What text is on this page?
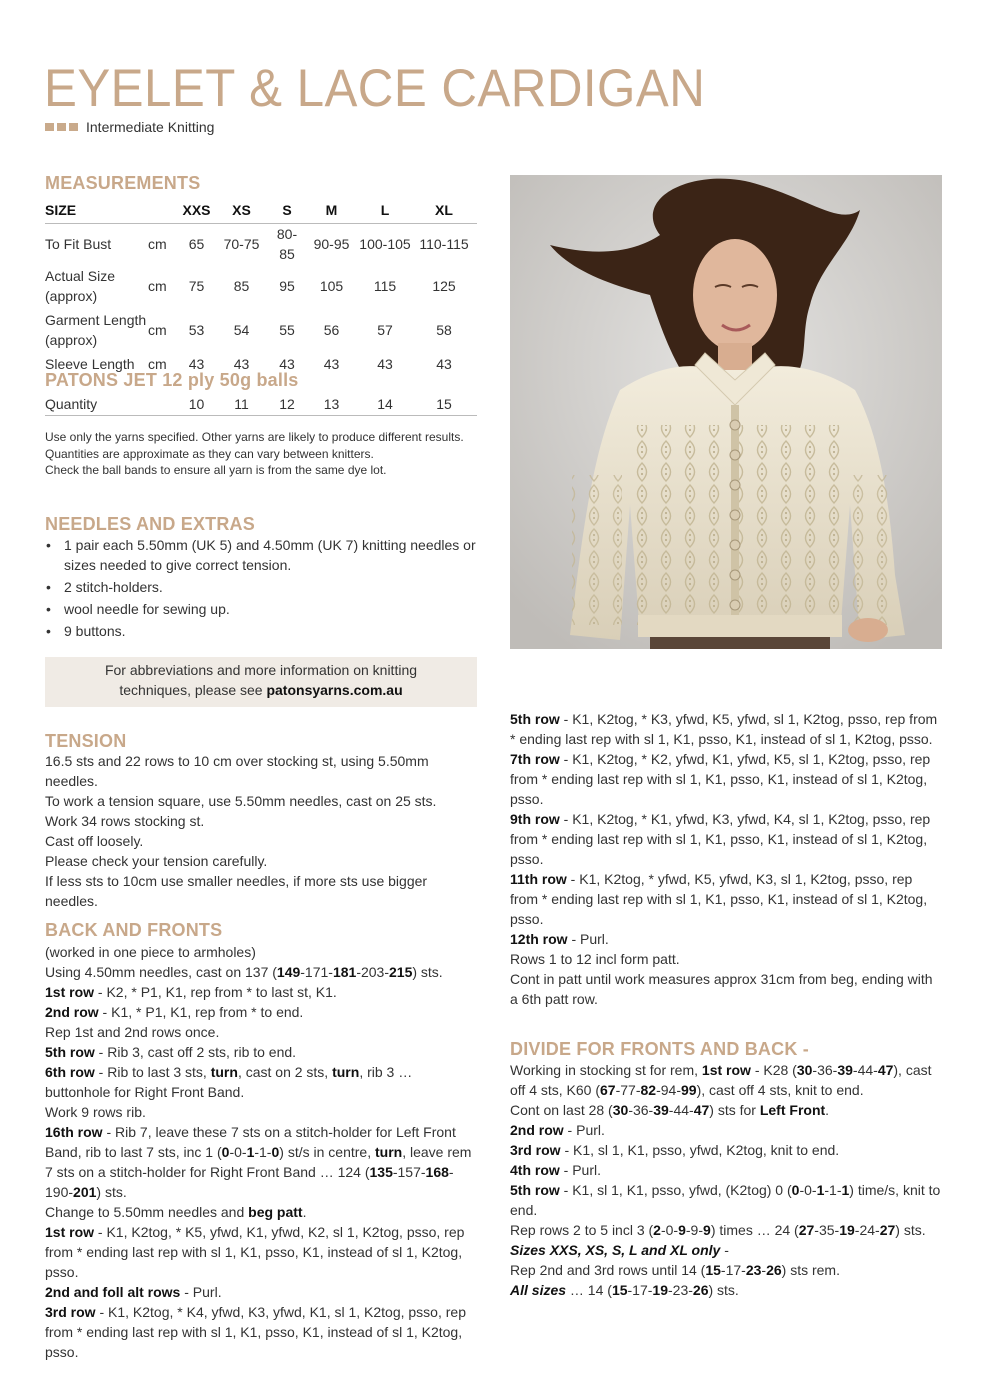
EYELET & LACE CARDIGAN
Intermediate Knitting
MEASUREMENTS
SIZE		XXS	XS	S	M	L	XL
To Fit Bust	cm	65	70-75	80-85	90-95	100-105	110-115
Actual Size (approx)	cm	75	85	95	105	115	125
Garment Length (approx)	cm	53	54	55	56	57	58
Sleeve Length	cm	43	43	43	43	43	43
PATONS JET 12 ply 50g balls
Quantity		10	11	12	13	14	15

Use only the yarns specified. Other yarns are likely to produce different results.

Quantities are approximate as they can vary between knitters.

Check the ball bands to ensure all yarn is from the same dye lot.

NEEDLES AND EXTRAS
• 1 pair each 5.50mm (UK 5) and 4.50mm (UK 7) knitting needles or sizes needed to give correct tension.
• 2 stitch-holders.
• wool needle for sewing up.
• 9 buttons.
For abbreviations and more information on knitting
techniques, please see patonsyarns.com.au
TENSION

16.5 sts and 22 rows to 10 cm over stocking st, using 5.50mm needles.

To work a tension square, use 5.50mm needles, cast on 25 sts.

Work 34 rows stocking st.

Cast off loosely.

Please check your tension carefully.

If less sts to 10cm use smaller needles, if more sts use bigger needles.

BACK AND FRONTS

(worked in one piece to armholes)

Using 4.50mm needles, cast on 137 (149-171-181-203-215) sts.

1st row - K2, * P1, K1, rep from * to last st, K1.

2nd row - K1, * P1, K1, rep from * to end.

Rep 1st and 2nd rows once.

5th row - Rib 3, cast off 2 sts, rib to end.

6th row - Rib to last 3 sts, turn, cast on 2 sts, turn, rib 3 … buttonhole for Right Front Band.

Work 9 rows rib.

16th row - Rib 7, leave these 7 sts on a stitch-holder for Left Front Band, rib to last 7 sts, inc 1 (0-0-1-1-0) st/s in centre, turn, leave rem 7 sts on a stitch-holder for Right Front Band … 124 (135-157-168-190-201) sts.

Change to 5.50mm needles and beg patt.

1st row - K1, K2tog, * K5, yfwd, K1, yfwd, K2, sl 1, K2tog, psso, rep from * ending last rep with sl 1, K1, psso, K1, instead of sl 1, K2tog, psso.

2nd and foll alt rows - Purl.

3rd row - K1, K2tog, * K4, yfwd, K3, yfwd, K1, sl 1, K2tog, psso, rep from * ending last rep with sl 1, K1, psso, K1, instead of sl 1, K2tog, psso.

5th row - K1, K2tog, * K3, yfwd, K5, yfwd, sl 1, K2tog, psso, rep from * ending last rep with sl 1, K1, psso, K1, instead of sl 1, K2tog, psso.

7th row - K1, K2tog, * K2, yfwd, K1, yfwd, K5, sl 1, K2tog, psso, rep from * ending last rep with sl 1, K1, psso, K1, instead of sl 1, K2tog, psso.

9th row - K1, K2tog, * K1, yfwd, K3, yfwd, K4, sl 1, K2tog, psso, rep from * ending last rep with sl 1, K1, psso, K1, instead of sl 1, K2tog, psso.

11th row - K1, K2tog, * yfwd, K5, yfwd, K3, sl 1, K2tog, psso, rep from * ending last rep with sl 1, K1, psso, K1, instead of sl 1, K2tog, psso.

12th row - Purl.

Rows 1 to 12 incl form patt.

Cont in patt until work measures approx 31cm from beg, ending with a 6th patt row.

DIVIDE FOR FRONTS AND BACK -

Working in stocking st for rem, 1st row - K28 (30-36-39-44-47), cast off 4 sts, K60 (67-77-82-94-99), cast off 4 sts, knit to end.

Cont on last 28 (30-36-39-44-47) sts for Left Front.

2nd row - Purl.

3rd row - K1, sl 1, K1, psso, yfwd, K2tog, knit to end.

4th row - Purl.

5th row - K1, sl 1, K1, psso, yfwd, (K2tog) 0 (0-0-1-1-1) time/s, knit to end.

Rep rows 2 to 5 incl 3 (2-0-9-9-9) times … 24 (27-35-19-24-27) sts.

Sizes XXS, XS, S, L and XL only -

Rep 2nd and 3rd rows until 14 (15-17-23-26) sts rem.

All sizes … 14 (15-17-19-23-26) sts.
